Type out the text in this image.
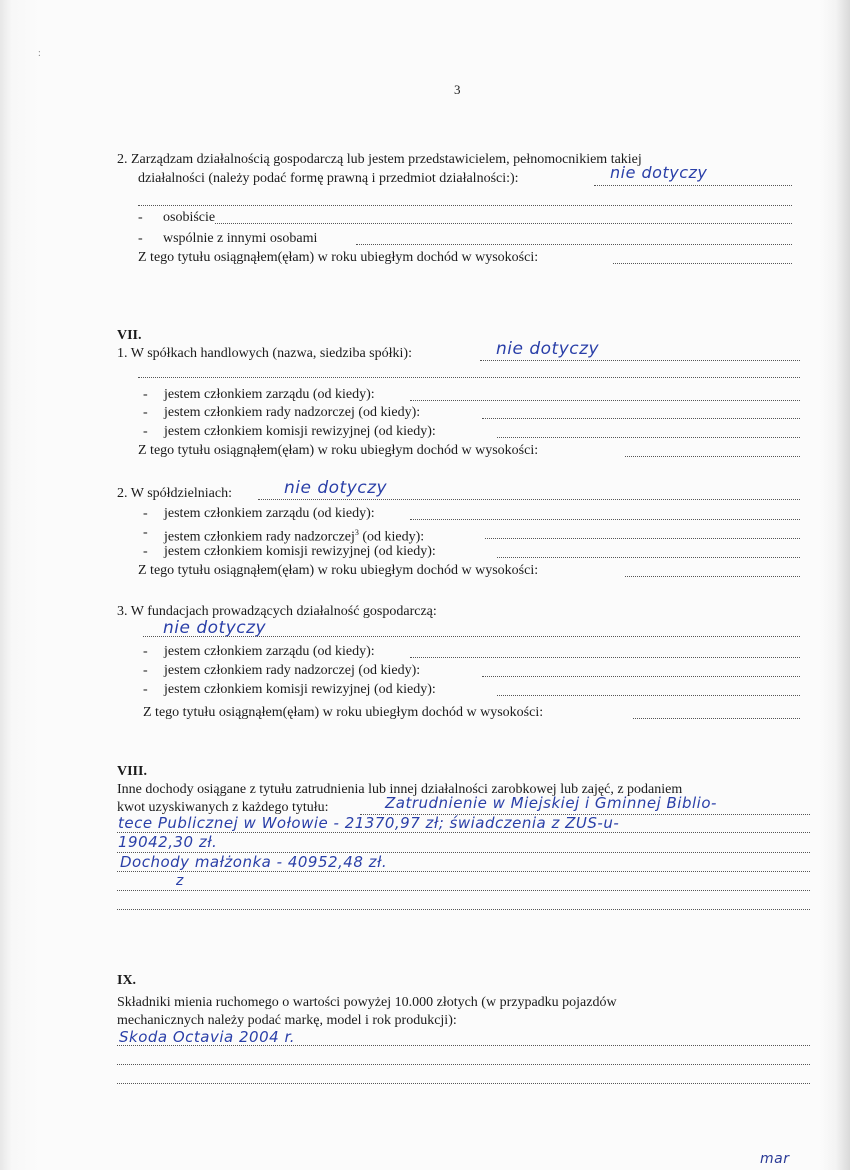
3
:
2. Zarządzam działalnością gospodarczą lub jestem przedstawicielem, pełnomocnikiem takiej
działalności (należy podać formę prawną i przedmiot działalności:):	nie dotyczy
- osobiście
- wspólnie z innymi osobami
Z tego tytułu osiągnąłem(ęłam) w roku ubiegłym dochód w wysokości:
VII.
1. W spółkach handlowych (nazwa, siedziba spółki):	nie dotyczy
- jestem członkiem zarządu (od kiedy):
- jestem członkiem rady nadzorczej (od kiedy):
- jestem członkiem komisji rewizyjnej (od kiedy):
Z tego tytułu osiągnąłem(ęłam) w roku ubiegłym dochód w wysokości:
2. W spółdzielniach:	nie dotyczy
- jestem członkiem zarządu (od kiedy):
- jestem członkiem rady nadzorczej$^3$ (od kiedy):
- jestem członkiem komisji rewizyjnej (od kiedy):
Z tego tytułu osiągnąłem(ęłam) w roku ubiegłym dochód w wysokości:
3. W fundacjach prowadzących działalność gospodarczą:
nie dotyczy
- jestem członkiem zarządu (od kiedy):
- jestem członkiem rady nadzorczej (od kiedy):
- jestem członkiem komisji rewizyjnej (od kiedy):
Z tego tytułu osiągnąłem(ęłam) w roku ubiegłym dochód w wysokości:
VIII.
Inne dochody osiągane z tytułu zatrudnienia lub innej działalności zarobkowej lub zajęć, z podaniem
kwot uzyskiwanych z każdego tytułu:	Zatrudnienie w Miejskiej i Gminnej Biblio-
tece Publicznej w Wołowie - 21370,97 zł; świadczenia z ZUS-u-
19042,30 zł.
Dochody małżonka - 40952,48 zł.
z
IX.
Składniki mienia ruchomego o wartości powyżej 10.000 złotych (w przypadku pojazdów
mechanicznych należy podać markę, model i rok produkcji):
Skoda Octavia 2004 r.
mar
